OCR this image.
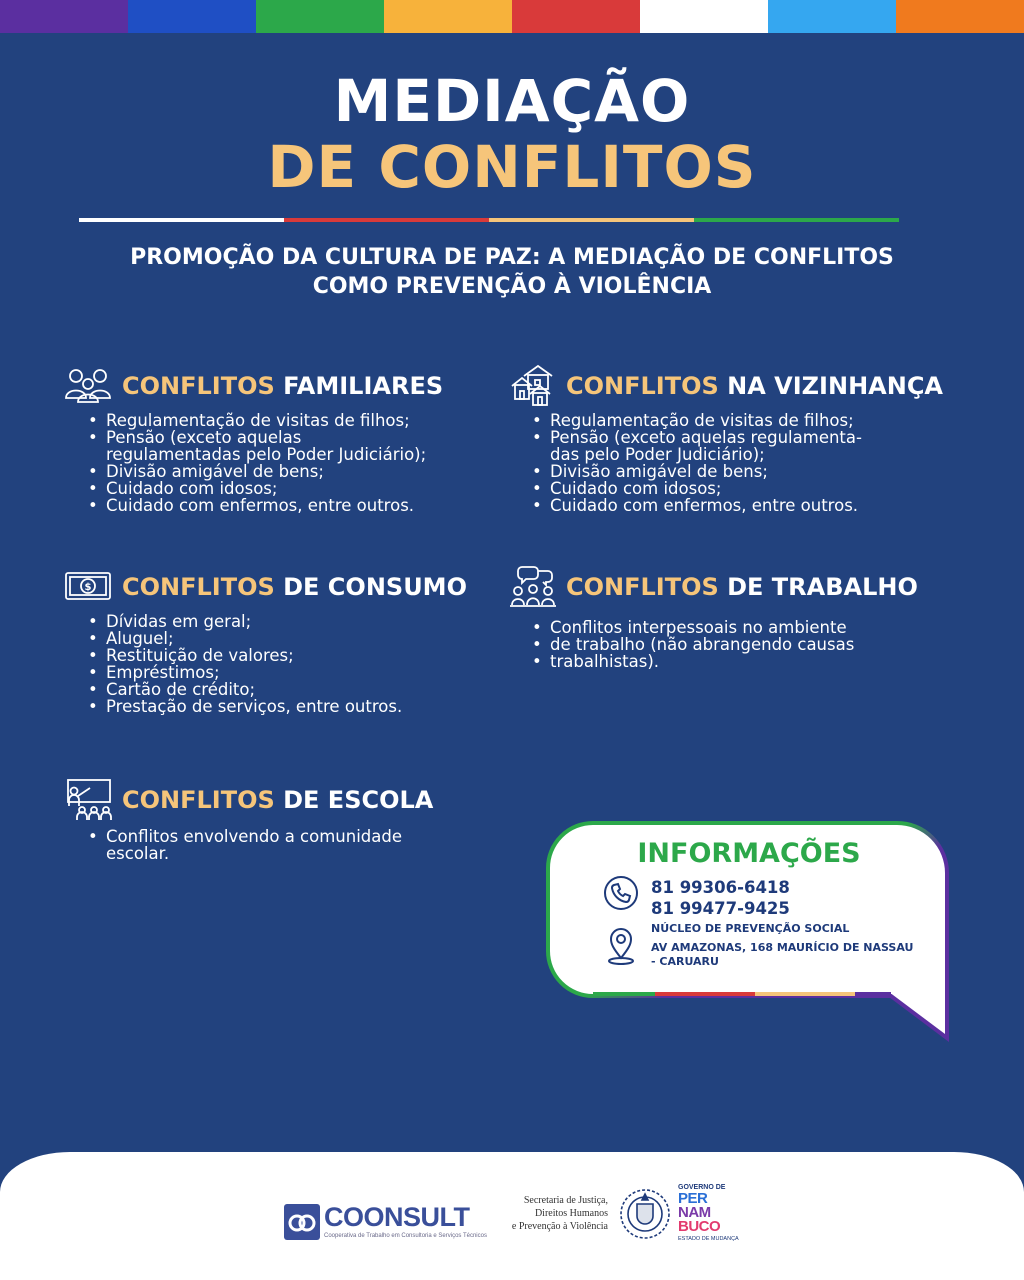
MEDIAÇÃO
DE CONFLITOS
PROMOÇÃO DA CULTURA DE PAZ: A MEDIAÇÃO DE CONFLITOS
COMO PREVENÇÃO À VIOLÊNCIA
CONFLITOS FAMILIARES
• Regulamentação de visitas de filhos;
• Pensão (exceto aquelas
regulamentadas pelo Poder Judiciário);
• Divisão amigável de bens;
• Cuidado com idosos;
• Cuidado com enfermos, entre outros.
CONFLITOS NA VIZINHANÇA
• Regulamentação de visitas de filhos;
• Pensão (exceto aquelas regulamenta-
das pelo Poder Judiciário);
• Divisão amigável de bens;
• Cuidado com idosos;
• Cuidado com enfermos, entre outros.
$ CONFLITOS DE CONSUMO
• Dívidas em geral;
• Aluguel;
• Restituição de valores;
• Empréstimos;
• Cartão de crédito;
• Prestação de serviços, entre outros.
CONFLITOS DE TRABALHO
• Conflitos interpessoais no ambiente
• de trabalho (não abrangendo causas
• trabalhistas).
CONFLITOS DE ESCOLA
• Conflitos envolvendo a comunidade
escolar.	INFORMAÇÕES
81 99306-6418
81 99477-9425
NÚCLEO DE PREVENÇÃO SOCIAL
AV AMAZONAS, 168 MAURÍCIO DE NASSAU - CARUARU
COONSULT
Cooperativa de Trabalho em Consultoria e Serviços Técnicos
Secretaria de Justiça,
Direitos Humanos
e Prevenção à Violência
GOVERNO DE
PER
NAM
BUCO
ESTADO DE MUDANÇA
